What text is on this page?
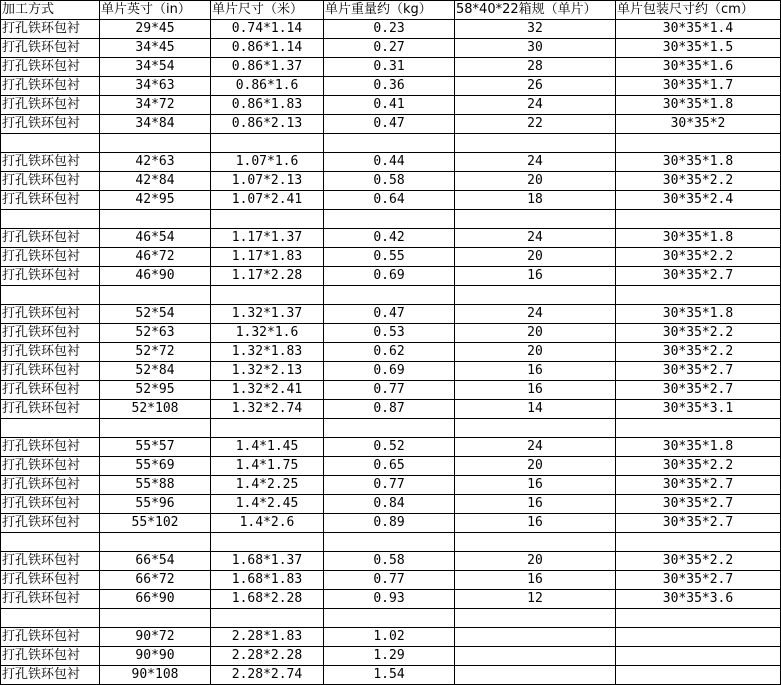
加工方式	单片英寸（in）	单片尺寸（米）	单片重量约（kg）	58*40*22箱规（单片）	单片包装尺寸约（cm）
打孔铁环包衬	29*45	0.74*1.14	0.23	32	30*35*1.4
打孔铁环包衬	34*45	0.86*1.14	0.27	30	30*35*1.5
打孔铁环包衬	34*54	0.86*1.37	0.31	28	30*35*1.6
打孔铁环包衬	34*63	0.86*1.6	0.36	26	30*35*1.7
打孔铁环包衬	34*72	0.86*1.83	0.41	24	30*35*1.8
打孔铁环包衬	34*84	0.86*2.13	0.47	22	30*35*2

打孔铁环包衬	42*63	1.07*1.6	0.44	24	30*35*1.8
打孔铁环包衬	42*84	1.07*2.13	0.58	20	30*35*2.2
打孔铁环包衬	42*95	1.07*2.41	0.64	18	30*35*2.4

打孔铁环包衬	46*54	1.17*1.37	0.42	24	30*35*1.8
打孔铁环包衬	46*72	1.17*1.83	0.55	20	30*35*2.2
打孔铁环包衬	46*90	1.17*2.28	0.69	16	30*35*2.7

打孔铁环包衬	52*54	1.32*1.37	0.47	24	30*35*1.8
打孔铁环包衬	52*63	1.32*1.6	0.53	20	30*35*2.2
打孔铁环包衬	52*72	1.32*1.83	0.62	20	30*35*2.2
打孔铁环包衬	52*84	1.32*2.13	0.69	16	30*35*2.7
打孔铁环包衬	52*95	1.32*2.41	0.77	16	30*35*2.7
打孔铁环包衬	52*108	1.32*2.74	0.87	14	30*35*3.1

打孔铁环包衬	55*57	1.4*1.45	0.52	24	30*35*1.8
打孔铁环包衬	55*69	1.4*1.75	0.65	20	30*35*2.2
打孔铁环包衬	55*88	1.4*2.25	0.77	16	30*35*2.7
打孔铁环包衬	55*96	1.4*2.45	0.84	16	30*35*2.7
打孔铁环包衬	55*102	1.4*2.6	0.89	16	30*35*2.7

打孔铁环包衬	66*54	1.68*1.37	0.58	20	30*35*2.2
打孔铁环包衬	66*72	1.68*1.83	0.77	16	30*35*2.7
打孔铁环包衬	66*90	1.68*2.28	0.93	12	30*35*3.6

打孔铁环包衬	90*72	2.28*1.83	1.02		
打孔铁环包衬	90*90	2.28*2.28	1.29		
打孔铁环包衬	90*108	2.28*2.74	1.54		
